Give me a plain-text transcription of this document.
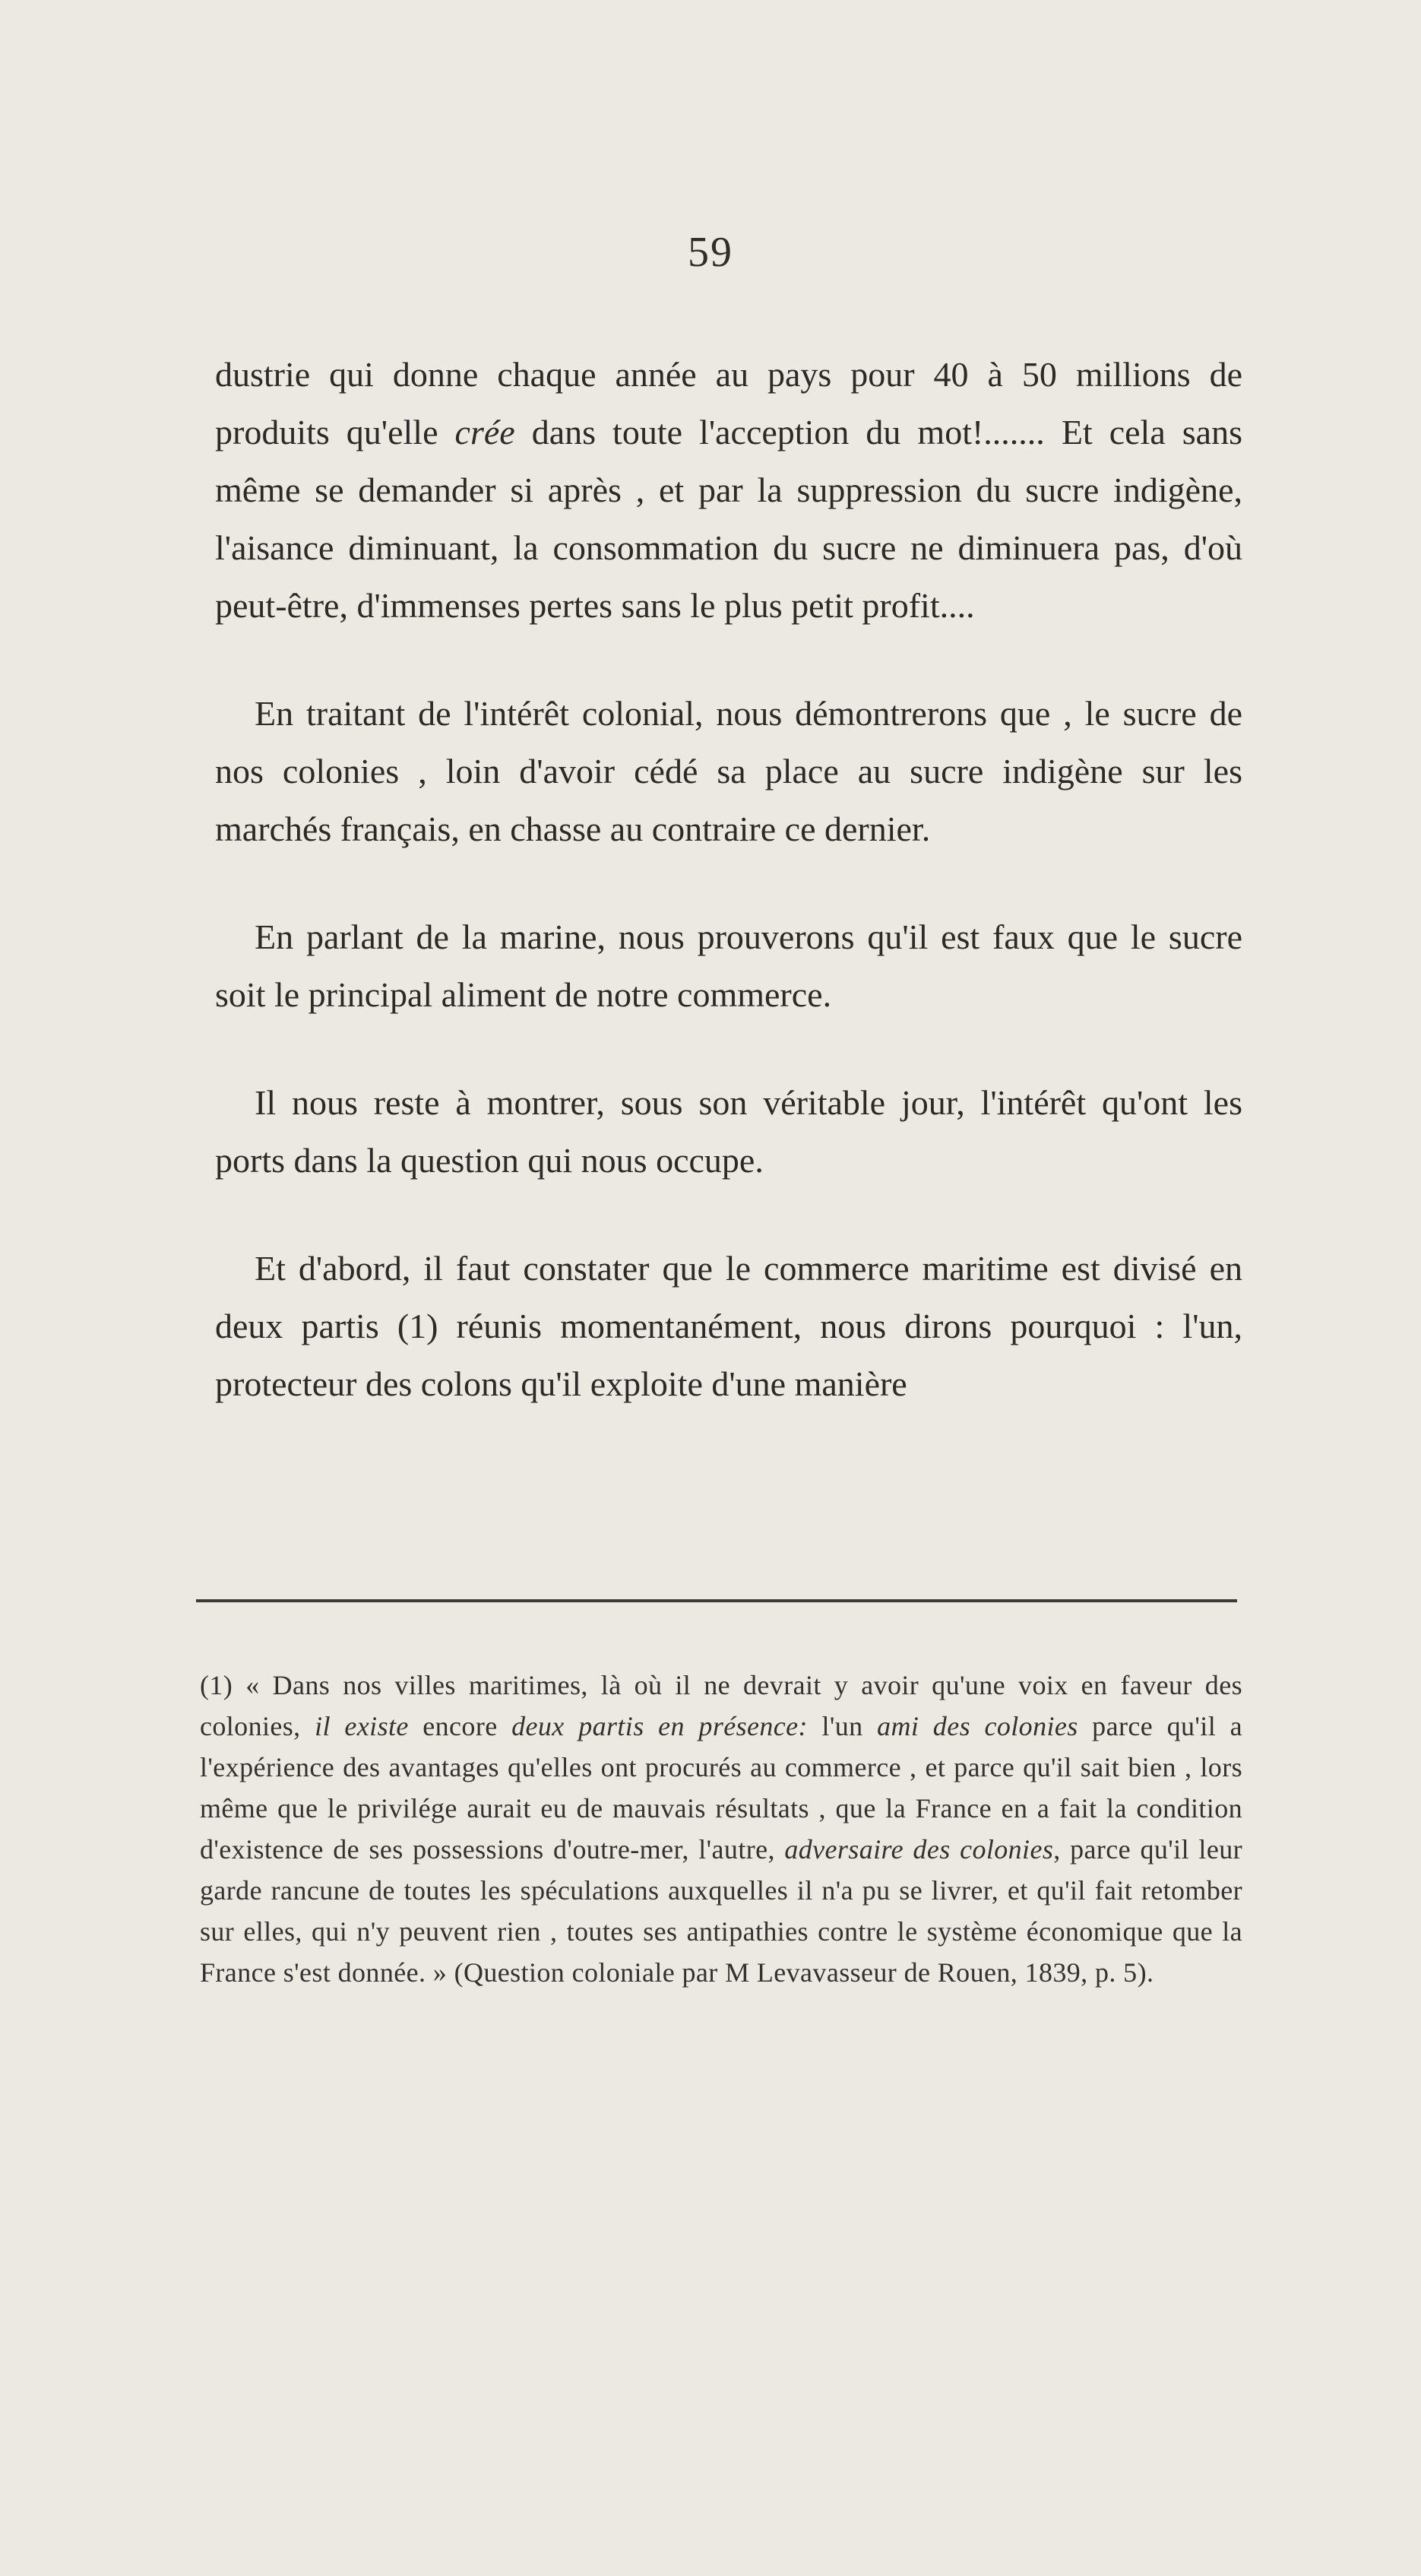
59

dustrie qui donne chaque année au pays pour 40 à 50 millions de produits qu'elle crée dans toute l'acception du mot!....... Et cela sans même se demander si après , et par la suppression du sucre indigène, l'aisance diminuant, la consommation du sucre ne diminuera pas, d'où peut-être, d'immenses pertes sans le plus petit profit....

En traitant de l'intérêt colonial, nous démontrerons que , le sucre de nos colonies , loin d'avoir cédé sa place au sucre indigène sur les marchés français, en chasse au contraire ce dernier.

En parlant de la marine, nous prouverons qu'il est faux que le sucre soit le principal aliment de notre commerce.

Il nous reste à montrer, sous son véritable jour, l'intérêt qu'ont les ports dans la question qui nous occupe.

Et d'abord, il faut constater que le commerce maritime est divisé en deux partis (1) réunis momentanément, nous dirons pourquoi : l'un, protecteur des colons qu'il exploite d'une manière

(1) « Dans nos villes maritimes, là où il ne devrait y avoir qu'une voix en faveur des colonies, il existe encore deux partis en présence: l'un ami des colonies parce qu'il a l'expérience des avantages qu'elles ont procurés au commerce , et parce qu'il sait bien , lors même que le privilége aurait eu de mauvais résultats , que la France en a fait la condition d'existence de ses possessions d'outre-mer, l'autre, adversaire des colonies, parce qu'il leur garde rancune de toutes les spéculations auxquelles il n'a pu se livrer, et qu'il fait retomber sur elles, qui n'y peuvent rien , toutes ses antipathies contre le système économique que la France s'est donnée. » (Question coloniale par M Levavasseur de Rouen, 1839, p. 5).
